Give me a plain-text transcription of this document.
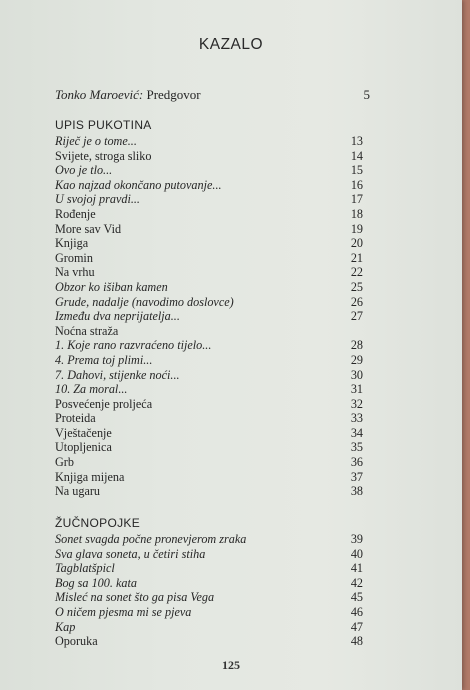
KAZALO
Tonko Maroević: Predgovor	5
UPIS PUKOTINA
Riječ je o tome...	13
Svijete, stroga sliko	14
Ovo je tlo...	15
Kao najzad okončano putovanje...	16
U svojoj pravdi...	17
Rođenje	18
More sav Vid	19
Knjiga	20
Gromin	21
Na vrhu	22
Obzor ko išiban kamen	25
Grude, nadalje (navodimo doslovce)	26
Između dva neprijatelja...	27
Noćna straža
1. Koje rano razvraćeno tijelo...	28
4. Prema toj plimi...	29
7. Dahovi, stijenke noći...	30
10. Za moral...	31
Posvećenje proljeća	32
Proteida	33
Vještačenje	34
Utopljenica	35
Grb	36
Knjiga mijena	37
Na ugaru	38
ŽUČNOPOJKE
Sonet svagda počne pronevjerom zraka	39
Sva glava soneta, u četiri stiha	40
Tagblatšpicl	41
Bog sa 100. kata	42
Misleć na sonet što ga pisa Vega	45
O ničem pjesma mi se pjeva	46
Kap	47
Oporuka	48
125
